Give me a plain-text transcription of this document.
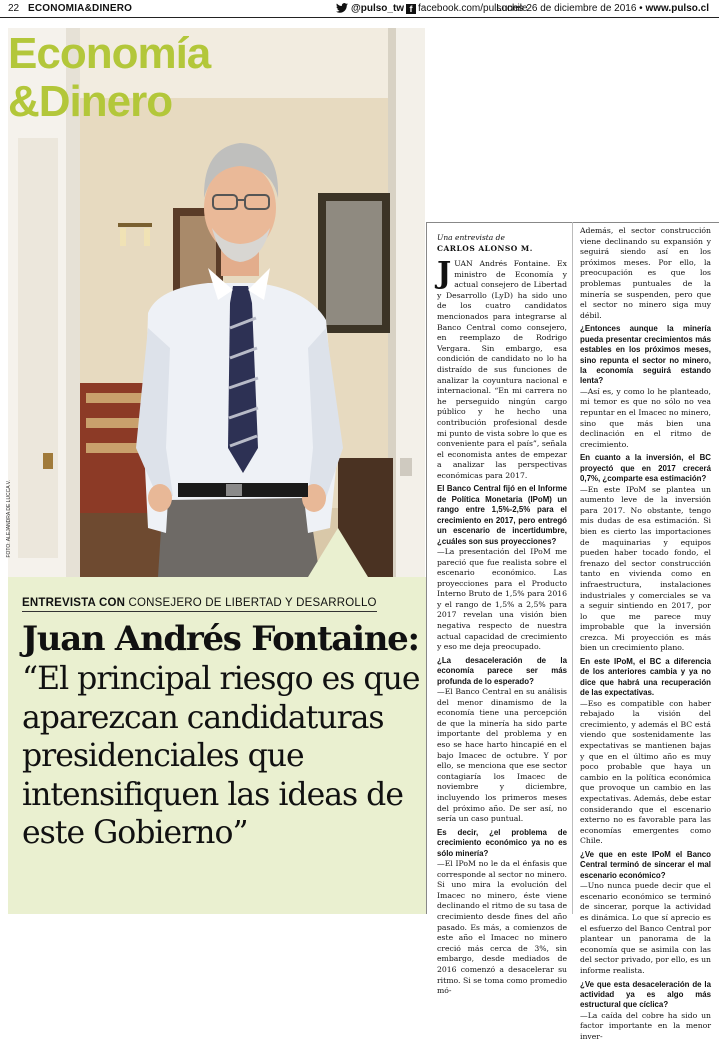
22 ECONOMIA&DINERO	@pulso_tw f facebook.com/pulsochile
Lunes 26 de diciembre de 2016 • www.pulso.cl
FOTO: ALEJANDRA DE LUCCA V.
Economía
&Dinero
Una entrevista de
CARLOS ALONSO M.

JUAN Andrés Fontaine. Ex ministro de Economía y actual consejero de Libertad y Desarrollo (LyD) ha sido uno de los cuatro candidatos mencionados para integrarse al Banco Central como consejero, en reemplazo de Rodrigo Vergara. Sin embargo, esa condición de candidato no lo ha distraído de sus funciones de analizar la coyuntura nacional e internacional. “En mi carrera no he perseguido ningún cargo público y he hecho una contribución profesional desde mi punto de vista sobre lo que es conveniente para el país”, señala el economista antes de empezar a analizar las perspectivas económicas para 2017.

El Banco Central fijó en el Informe de Política Monetaria (IPoM) un rango entre 1,5%-2,5% para el crecimiento en 2017, pero entregó un escenario de incertidumbre, ¿cuáles son sus proyecciones?

—La presentación del IPoM me pareció que fue realista sobre el escenario económico. Las proyecciones para el Producto Interno Bruto de 1,5% para 2016 y el rango de 1,5% a 2,5% para 2017 revelan una visión bien negativa respecto de nuestra actual capacidad de crecimiento y eso me deja preocupado.

¿La desaceleración de la economía parece ser más profunda de lo esperado?

—El Banco Central en su análisis del menor dinamismo de la economía tiene una percepción de que la minería ha sido parte importante del problema y en eso se hace harto hincapié en el bajo Imacec de octubre. Y por ello, se menciona que ese sector contagiaría los Imacec de noviembre y diciembre, incluyendo los primeros meses del próximo año. De ser así, no sería un caso puntual.

Es decir, ¿el problema de crecimiento económico ya no es sólo minería?

—El IPoM no le da el énfasis que corresponde al sector no minero. Si uno mira la evolución del Imacec no minero, éste viene declinando el ritmo de su tasa de crecimiento desde fines del año pasado. Es más, a comienzos de este año el Imacec no minero creció más cerca de 3%, sin embargo, desde mediados de 2016 comenzó a desacelerar su ritmo. Si se toma como promedio mó-

Además, el sector construcción viene declinando su expansión y seguirá siendo así en los próximos meses. Por ello, la preocupación es que los problemas puntuales de la minería se suspenden, pero que el sector no minero siga muy débil.

¿Entonces aunque la minería pueda presentar crecimientos más estables en los próximos meses, sino repunta el sector no minero, la economía seguirá estando lenta?

—Así es, y como lo he planteado, mi temor es que no sólo no vea repuntar en el Imacec no minero, sino que más bien una declinación en el ritmo de crecimiento.

En cuanto a la inversión, el BC proyectó que en 2017 crecerá 0,7%, ¿comparte esa estimación?

—En este IPoM se plantea un aumento leve de la inversión para 2017. No obstante, tengo mis dudas de esa estimación. Si bien es cierto las importaciones de maquinarias y equipos pueden haber tocado fondo, el frenazo del sector construcción tanto en vivienda como en infraestructura, instalaciones industriales y comerciales se va a seguir sintiendo en 2017, por lo que me parece muy improbable que la inversión crezca. Mi proyección es más bien un crecimiento plano.

En este IPoM, el BC a diferencia de los anteriores cambia y ya no dice que habrá una recuperación de las expectativas.

—Eso es compatible con haber rebajado la visión del crecimiento, y además el BC está viendo que sostenidamente las expectativas se mantienen bajas y que en el último año es muy poco probable que haya un cambio en la política económica que provoque un cambio en las expectativas. Además, debe estar considerando que el escenario externo no es favorable para las economías emergentes como Chile.

¿Ve que en este IPoM el Banco Central terminó de sincerar el mal escenario económico?

—Uno nunca puede decir que el escenario económico se terminó de sincerar, porque la actividad es dinámica. Lo que sí aprecio es el esfuerzo del Banco Central por plantear un panorama de la economía que se asimila con las del sector privado, por ello, es un informe realista.

¿Ve que esta desaceleración de la actividad ya es algo más estructural que cíclica?

—La caída del cobre ha sido un factor importante en la menor inver-

ENTREVISTA CON CONSEJERO DE LIBERTAD Y DESARROLLO
Juan Andrés Fontaine:
“El principal riesgo es que aparezcan candidaturas presidenciales que intensifiquen las ideas de este Gobierno”
